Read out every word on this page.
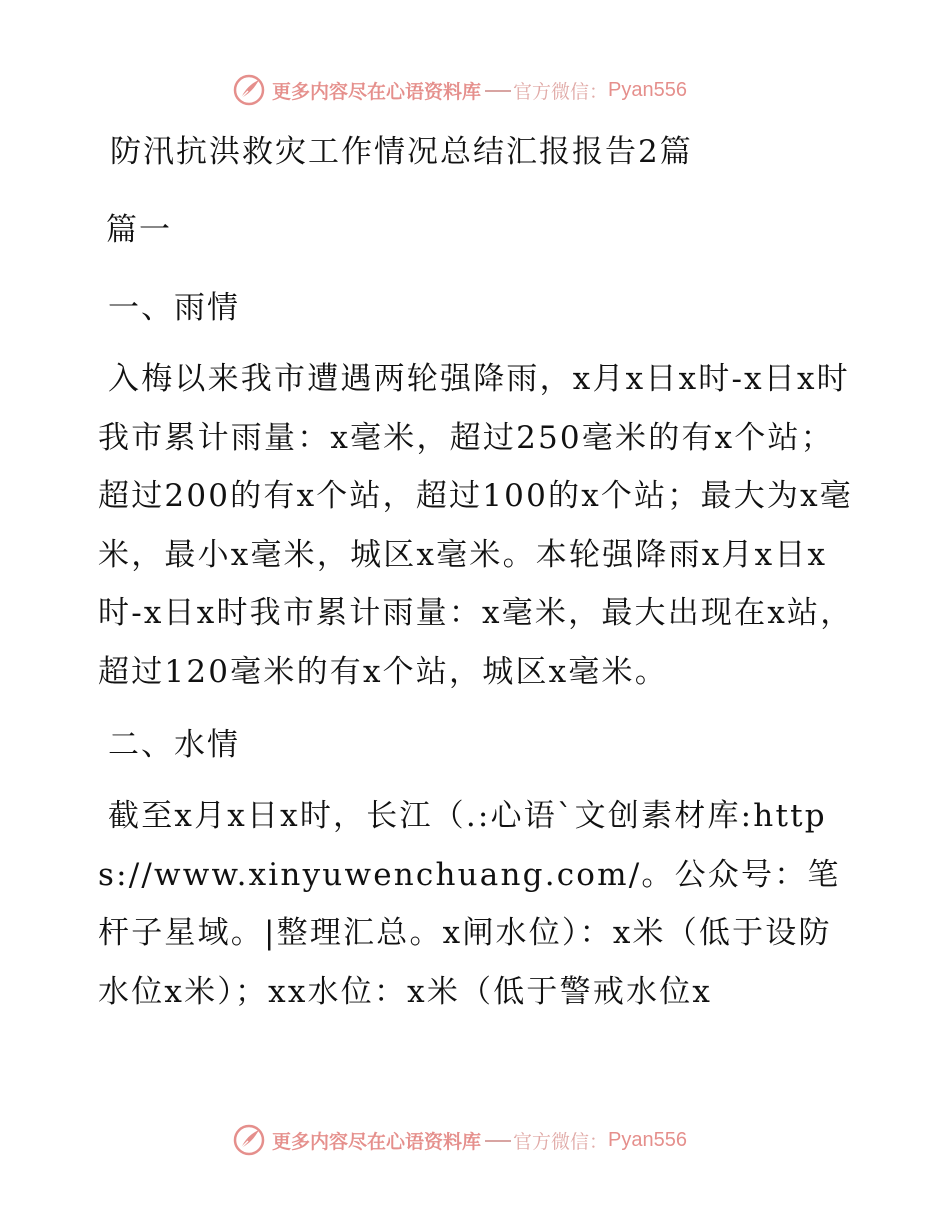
更多内容尽在心语资料库 官方微信： Pyan556
防汛抗洪救灾工作情况总结汇报报告2篇
篇一
一、雨情

入梅以来我市遭遇两轮强降雨，x月x日x时-x日x时我市累计雨量：x毫米，超过250毫米的有x个站；超过200的有x个站，超过100的x个站；最大为x毫米，最小x毫米，城区x毫米。本轮强降雨x月x日x时-x日x时我市累计雨量：x毫米，最大出现在x站，超过120毫米的有x个站，城区x毫米。

二、水情

截至x月x日x时，长江（.:心语`文创素材库:https://www.xinyuwenchuang.com/。公众号：笔杆子星域。|整理汇总。x闸水位）：x米（低于设防水位x米）；xx水位：x米（低于警戒水位x

更多内容尽在心语资料库 官方微信： Pyan556
